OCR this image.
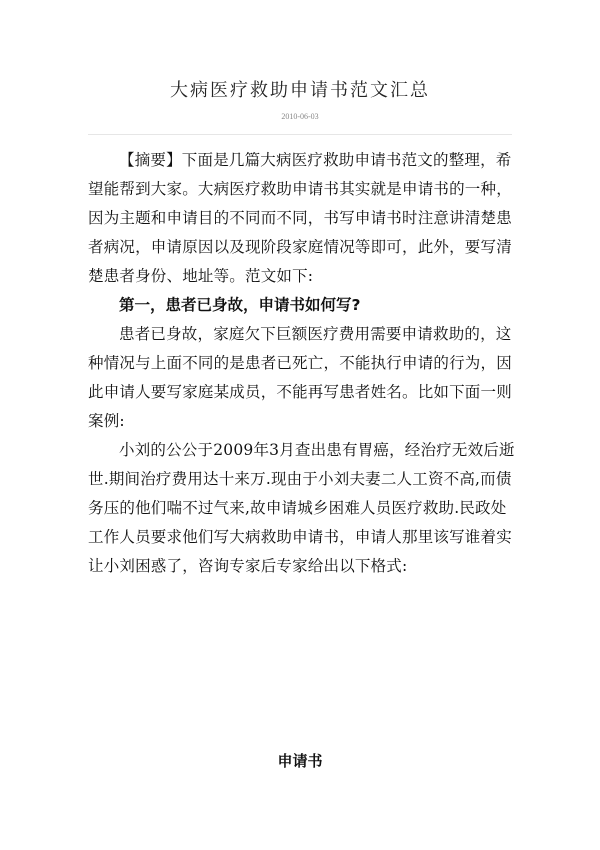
大病医疗救助申请书范文汇总
2010-06-03

【摘要】下面是几篇大病医疗救助申请书范文的整理，希望能帮到大家。大病医疗救助申请书其实就是申请书的一种，因为主题和申请目的不同而不同，书写申请书时注意讲清楚患者病况，申请原因以及现阶段家庭情况等即可，此外，要写清楚患者身份、地址等。范文如下:

第一，患者已身故，申请书如何写?

患者已身故，家庭欠下巨额医疗费用需要申请救助的，这种情况与上面不同的是患者已死亡，不能执行申请的行为，因此申请人要写家庭某成员，不能再写患者姓名。比如下面一则案例:

小刘的公公于2009年3月查出患有胃癌，经治疗无效后逝世.期间治疗费用达十来万.现由于小刘夫妻二人工资不高,而债务压的他们喘不过气来,故申请城乡困难人员医疗救助.民政处工作人员要求他们写大病救助申请书，申请人那里该写谁着实让小刘困惑了，咨询专家后专家给出以下格式:

申请书
